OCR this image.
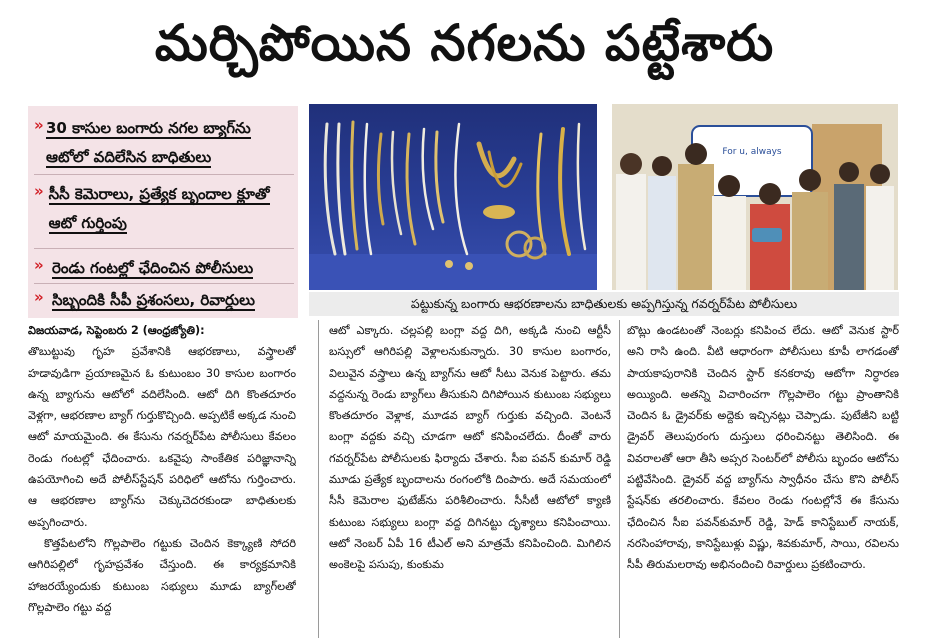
మర్చిపోయిన నగలను పట్టేశారు
» 30 కాసుల బంగారు నగల బ్యాగ్‌ను ఆటోలో వదిలేసిన బాధితులు
» సీసీ కెమెరాలు, ప్రత్యేక బృందాల క్లూతో ఆటో గుర్తింపు
» రెండు గంటల్లో ఛేదించిన పోలీసులు
» సిబ్బందికి సీపీ ప్రశంసలు, రివార్డులు
For u, always
పట్టుకున్న బంగారు ఆభరణాలను బాధితులకు అప్పగిస్తున్న గవర్నర్‌పేట పోలీసులు

విజయవాడ, సెప్టెంబరు 2 (ఆంధ్రజ్యోతి):

తొబుట్టువు గృహ ప్రవేశానికి ఆభరణాలు, వస్త్రాలతో హడావుడిగా ప్రయాణమైన ఓ కుటుంబం 30 కాసుల బంగారం ఉన్న బ్యాగును ఆటోలో వదిలేసింది. ఆటో దిగి కొంతదూరం వెళ్లగా, ఆభరణాల బ్యాగ్ గుర్తుకొచ్చింది. అప్పటికే అక్కడ నుంచి ఆటో మాయమైంది. ఈ కేసును గవర్నర్‌పేట పోలీసులు కేవలం రెండు గంటల్లో ఛేదించారు. ఒకవైపు సాంకేతిక పరిజ్ఞానాన్ని ఉపయోగించి అదే పోలీస్‌స్టేషన్ పరిధిలో ఆటోను గుర్తించారు. ఆ ఆభరణాల బ్యాగ్‌ను చెక్కుచెదరకుండా బాధితులకు అప్పగించారు.

కొత్తపేటలోని గొల్లపాలెం గట్టుకు చెందిన కెక్క్యాణి సోదరి ఆగిరిపల్లిలో గృహప్రవేశం చేస్తుంది. ఈ కార్యక్రమానికి హాజరయ్యేందుకు కుటుంబ సభ్యులు మూడు బ్యాగ్‌లతో గొల్లపాలెం గట్టు వద్ద

ఆటో ఎక్కారు. చల్లపల్లి బంగ్లా వద్ద దిగి, అక్కడి నుంచి ఆర్టీసీ బస్సులో ఆగిరిపల్లి వెళ్లాలనుకున్నారు. 30 కాసుల బంగారం, విలువైన వస్త్రాలు ఉన్న బ్యాగ్‌ను ఆటో సీటు వెనుక పెట్టారు. తమ వద్దనున్న రెండు బ్యాగ్‌లు తీసుకుని దిగిపోయిన కుటుంబ సభ్యులు కొంతదూరం వెళ్లాక, మూడవ బ్యాగ్ గుర్తుకు వచ్చింది. వెంటనే బంగ్లా వద్దకు వచ్చి చూడగా ఆటో కనిపించలేదు. దీంతో వారు గవర్నర్‌పేట పోలీసులకు ఫిర్యాదు చేశారు. సీఐ పవన్ కుమార్ రెడ్డి మూడు ప్రత్యేక బృందాలను రంగంలోకి దింపారు. అదే సమయంలో సీసీ కెమెరాల ఫుటేజ్‌ను పరిశీలించారు. సీసీటీ ఆటోలో క్యాణి కుటుంబ సభ్యులు బంగ్లా వద్ద దిగినట్టు దృశ్యాలు కనిపించాయి. ఆటో నెంబర్ ఏపీ 16 టీఎల్ అని మాత్రమే కనిపించింది. మిగిలిన అంకెలపై పసుపు, కుంకుమ

బొట్లు ఉండటంతో నెంబర్లు కనిపించ లేదు. ఆటో వెనుక స్టార్ అని రాసి ఉంది. వీటి ఆధారంగా పోలీసులు కూపీ లాగడంతో పాయకాపురానికి చెందిన స్టార్ కనకరావు ఆటోగా నిర్ధారణ అయ్యింది. అతన్ని విచారించగా గొల్లపాలెం గట్టు ప్రాంతానికి చెందిన ఓ డ్రైవర్‌కు అద్దెకు ఇచ్చినట్లు చెప్పాడు. పుటేజీని బట్టి డ్రైవర్ తెలుపురంగు దుస్తులు ధరించినట్టు తెలిసింది. ఈ వివరాలతో ఆరా తీసి అప్సర సెంటర్‌లో పోలీసు బృందం ఆటోను పట్టివేసింది. డ్రైవర్ వద్ద బ్యాగ్‌ను స్వాధీనం చేసు కొని పోలీస్ స్టేషన్‌కు తరలించారు. కేవలం రెండు గంటల్లోనే ఈ కేసును ఛేదించిన సీఐ పవన్‌కుమార్ రెడ్డి, హెడ్ కానిస్టేబుల్ నాయక్, నరసింహారావు, కానిస్టేబుళ్లు విష్ణు, శివకుమార్, సాయి, రవిలను సీపీ తిరుమలరావు అభినందించి రివార్డులు ప్రకటించారు.
